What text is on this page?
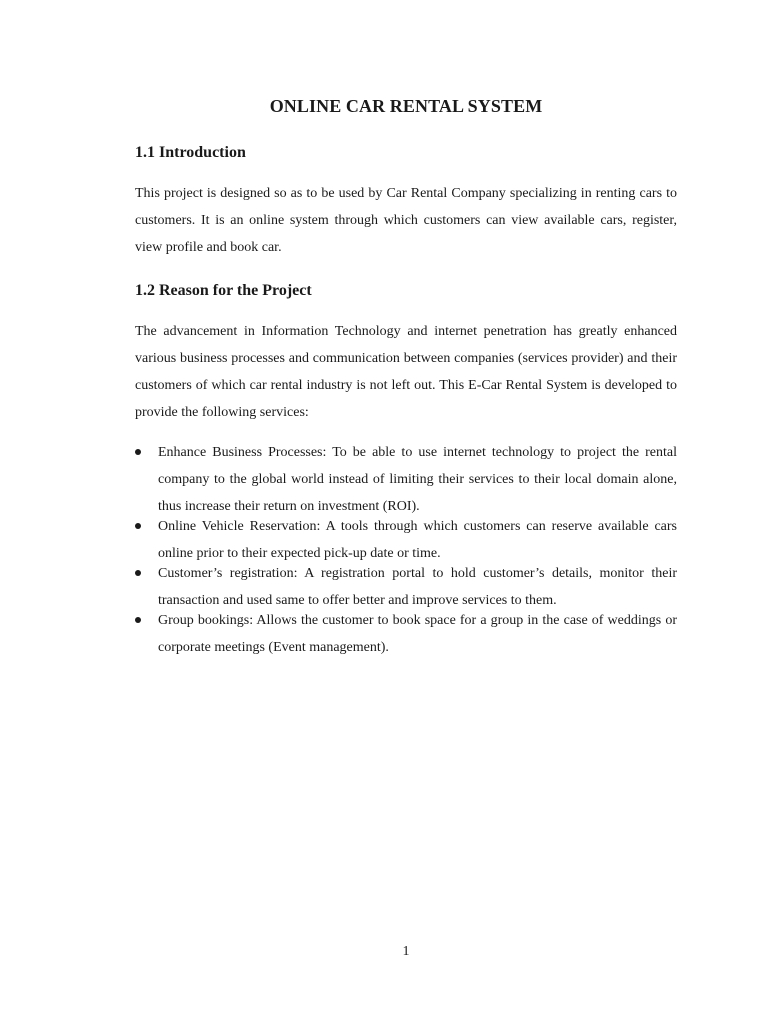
ONLINE CAR RENTAL SYSTEM
1.1 Introduction

This project is designed so as to be used by Car Rental Company specializing in renting cars to customers. It is an online system through which customers can view available cars, register, view profile and book car.

1.2 Reason for the Project

The advancement in Information Technology and internet penetration has greatly enhanced various business processes and communication between companies (services provider) and their customers of which car rental industry is not left out. This E-Car Rental System is developed to provide the following services:

Enhance Business Processes: To be able to use internet technology to project the rental company to the global world instead of limiting their services to their local domain alone, thus increase their return on investment (ROI).
Online Vehicle Reservation: A tools through which customers can reserve available cars online prior to their expected pick-up date or time.
Customer’s registration: A registration portal to hold customer’s details, monitor their transaction and used same to offer better and improve services to them.
Group bookings: Allows the customer to book space for a group in the case of weddings or corporate meetings (Event management).
1
